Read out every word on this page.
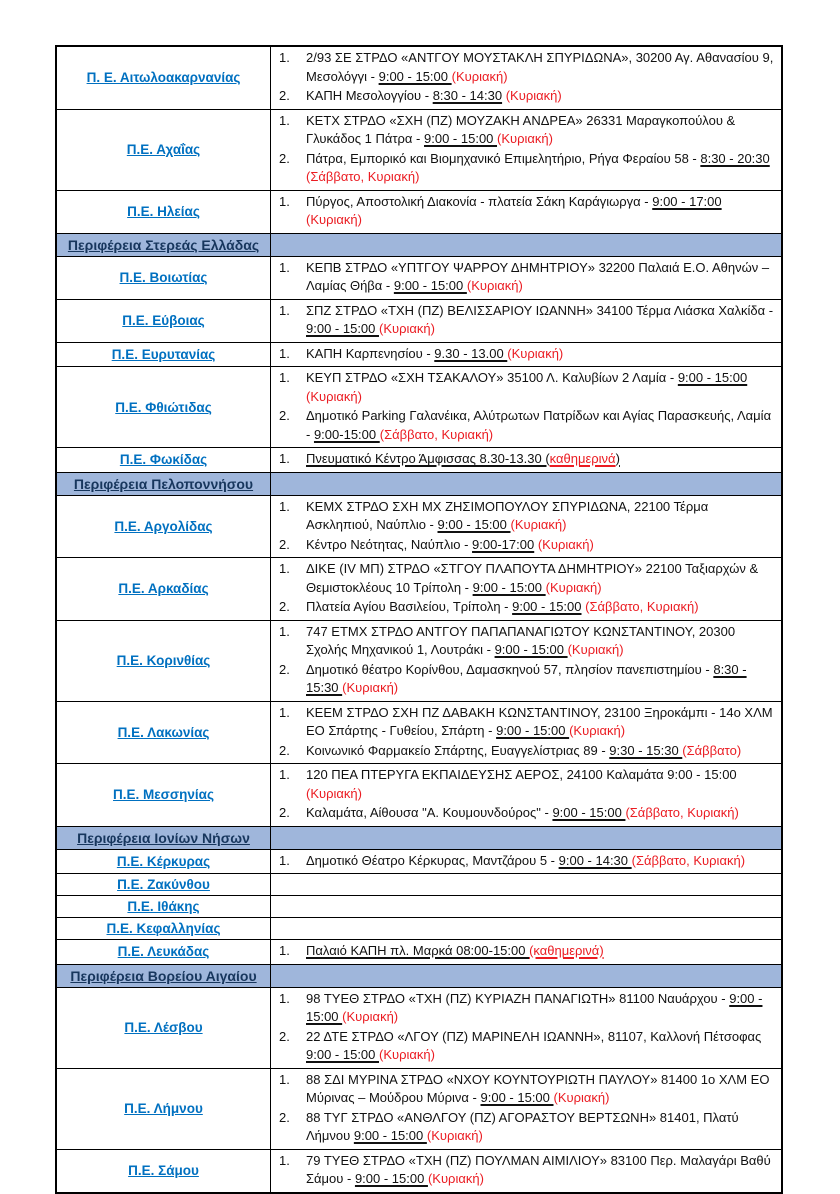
Π. Ε. Αιτωλοακαρνανίας
1.	2/93 ΣΕ ΣΤΡΔΟ «ΑΝΤΓΟΥ ΜΟΥΣΤΑΚΛΗ ΣΠΥΡΙΔΩΝΑ», 30200 Αγ. Αθανασίου 9, Μεσολόγγι - 9:00 - 15:00 (Κυριακή)
2.	ΚΑΠΗ Μεσολογγίου - 8:30 - 14:30 (Κυριακή)
Π.Ε. Αχαΐας
1.	ΚΕΤΧ ΣΤΡΔΟ «ΣΧΗ (ΠΖ) ΜΟΥΖΑΚΗ ΑΝΔΡΕΑ» 26331 Μαραγκοπούλου & Γλυκάδος 1 Πάτρα - 9:00 - 15:00 (Κυριακή)
2.	Πάτρα, Εμπορικό και Βιομηχανικό Επιμελητήριο, Ρήγα Φεραίου 58 - 8:30 - 20:30 (Σάββατο, Κυριακή)
Π.Ε. Ηλείας
1.	Πύργος, Αποστολική Διακονία - πλατεία Σάκη Καράγιωργα - 9:00 - 17:00 (Κυριακή)
Περιφέρεια Στερεάς Ελλάδας
Π.Ε. Βοιωτίας
1.	ΚΕΠΒ ΣΤΡΔΟ «ΥΠΤΓΟΥ ΨΑΡΡΟΥ ΔΗΜΗΤΡΙΟΥ» 32200 Παλαιά Ε.Ο. Αθηνών – Λαμίας Θήβα - 9:00 - 15:00 (Κυριακή)
Π.Ε. Εύβοιας
1.	ΣΠΖ ΣΤΡΔΟ «ΤΧΗ (ΠΖ) ΒΕΛΙΣΣΑΡΙΟΥ ΙΩΑΝΝΗ» 34100 Τέρμα Λιάσκα Χαλκίδα - 9:00 - 15:00 (Κυριακή)
Π.Ε. Ευρυτανίας	1.	ΚΑΠΗ Καρπενησίου - 9.30 - 13.00 (Κυριακή)
Π.Ε. Φθιώτιδας
1.	ΚΕΥΠ ΣΤΡΔΟ «ΣΧΗ ΤΣΑΚΑΛΟΥ» 35100 Λ. Καλυβίων 2 Λαμία - 9:00 - 15:00 (Κυριακή)
2.	Δημοτικό Parking Γαλανέικα, Αλύτρωτων Πατρίδων και Αγίας Παρασκευής, Λαμία - 9:00-15:00 (Σάββατο, Κυριακή)
Π.Ε. Φωκίδας	1.	Πνευματικό Κέντρο Άμφισσας 8.30-13.30 (καθημερινά)
Περιφέρεια Πελοποννήσου
Π.Ε. Αργολίδας
1.	ΚΕΜΧ ΣΤΡΔΟ ΣΧΗ ΜΧ ΖΗΣΙΜΟΠΟΥΛΟΥ ΣΠΥΡΙΔΩΝΑ, 22100 Τέρμα Ασκληπιού, Ναύπλιο - 9:00 - 15:00 (Κυριακή)
2.	Κέντρο Νεότητας, Ναύπλιο - 9:00-17:00 (Κυριακή)
Π.Ε. Αρκαδίας
1.	ΔΙΚΕ (IV ΜΠ) ΣΤΡΔΟ «ΣΤΓΟΥ ΠΛΑΠΟΥΤΑ ΔΗΜΗΤΡΙΟΥ» 22100 Ταξιαρχών & Θεμιστοκλέους 10 Τρίπολη - 9:00 - 15:00 (Κυριακή)
2.	Πλατεία Αγίου Βασιλείου, Τρίπολη - 9:00 - 15:00 (Σάββατο, Κυριακή)
Π.Ε. Κορινθίας
1.	747 ΕΤΜΧ ΣΤΡΔΟ ΑΝΤΓΟΥ ΠΑΠΑΠΑΝΑΓΙΩΤΟΥ ΚΩΝΣΤΑΝΤΙΝΟΥ, 20300 Σχολής Μηχανικού 1, Λουτράκι - 9:00 - 15:00 (Κυριακή)
2.	Δημοτικό θέατρο Κορίνθου, Δαμασκηνού 57, πλησίον πανεπιστημίου - 8:30 - 15:30 (Κυριακή)
Π.Ε. Λακωνίας
1.	ΚΕΕΜ ΣΤΡΔΟ ΣΧΗ ΠΖ ΔΑΒΑΚΗ ΚΩΝΣΤΑΝΤΙΝΟΥ, 23100 Ξηροκάμπι - 14ο ΧΛΜ ΕΟ Σπάρτης - Γυθείου, Σπάρτη - 9:00 - 15:00 (Κυριακή)
2.	Κοινωνικό Φαρμακείο Σπάρτης, Ευαγγελίστριας 89 - 9:30 - 15:30 (Σάββατο)
Π.Ε. Μεσσηνίας
1.	120 ΠΕΑ ΠΤΕΡΥΓΑ ΕΚΠΑΙΔΕΥΣΗΣ ΑΕΡΟΣ, 24100 Καλαμάτα 9:00 - 15:00 (Κυριακή)
2.	Καλαμάτα, Αίθουσα "Α. Κουμουνδούρος" - 9:00 - 15:00 (Σάββατο, Κυριακή)
Περιφέρεια Ιονίων Νήσων
Π.Ε. Κέρκυρας	1.	Δημοτικό Θέατρο Κέρκυρας, Μαντζάρου 5 - 9:00 - 14:30 (Σάββατο, Κυριακή)
Π.Ε. Ζακύνθου
Π.Ε. Ιθάκης
Π.Ε. Κεφαλληνίας
Π.Ε. Λευκάδας	1.	Παλαιό ΚΑΠΗ πλ. Μαρκά 08:00-15:00 (καθημερινά)
Περιφέρεια Βορείου Αιγαίου
Π.Ε. Λέσβου
1.	98 ΤΥΕΘ ΣΤΡΔΟ «ΤΧΗ (ΠΖ) ΚΥΡΙΑΖΗ ΠΑΝΑΓΙΩΤΗ» 81100 Ναυάρχου - 9:00 - 15:00 (Κυριακή)
2.	22 ΔΤΕ ΣΤΡΔΟ «ΛΓΟΥ (ΠΖ) ΜΑΡΙΝΕΛΗ ΙΩΑΝΝΗ», 81107, Καλλονή Πέτσοφας 9:00 - 15:00 (Κυριακή)
Π.Ε. Λήμνου
1.	88 ΣΔΙ ΜΥΡΙΝΑ ΣΤΡΔΟ «ΝΧΟΥ ΚΟΥΝΤΟΥΡΙΩΤΗ ΠΑΥΛΟΥ» 81400 1ο ΧΛΜ ΕΟ Μύρινας – Μούδρου Μύρινα - 9:00 - 15:00 (Κυριακή)
2.	88 ΤΥΓ ΣΤΡΔΟ «ΑΝΘΛΓΟΥ (ΠΖ) ΑΓΟΡΑΣΤΟΥ ΒΕΡΤΣΩΝΗ» 81401, Πλατύ Λήμνου 9:00 - 15:00 (Κυριακή)
Π.Ε. Σάμου
1.	79 ΤΥΕΘ ΣΤΡΔΟ «ΤΧΗ (ΠΖ) ΠΟΥΛΜΑΝ ΑΙΜΙΛΙΟΥ» 83100 Περ. Μαλαγάρι Βαθύ Σάμου - 9:00 - 15:00 (Κυριακή)
